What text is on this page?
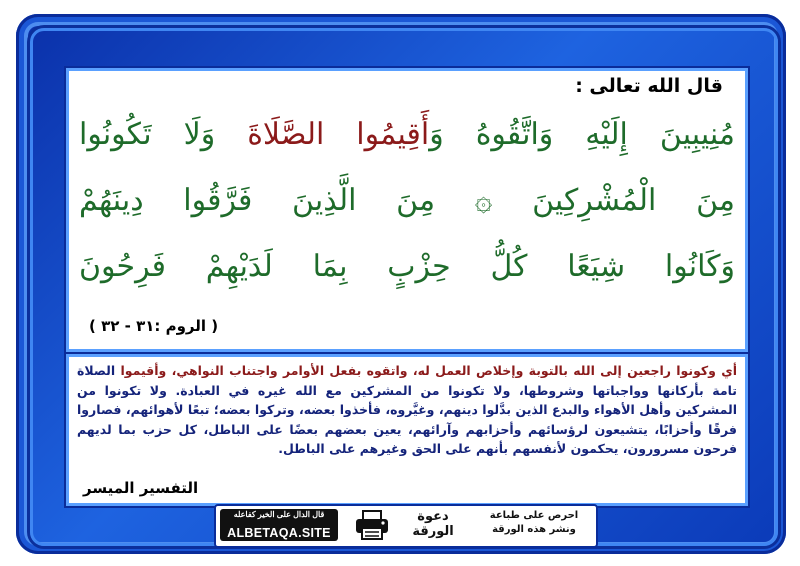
قال الله تعالى :
مُنِيبِينَ إِلَيْهِ وَاتَّقُوهُ وَأَقِيمُوا الصَّلَاةَ وَلَا تَكُونُوا
مِنَ الْمُشْرِكِينَ ۞ مِنَ الَّذِينَ فَرَّقُوا دِينَهُمْ
وَكَانُوا شِيَعًا كُلُّ حِزْبٍ بِمَا لَدَيْهِمْ فَرِحُونَ
( الروم :٣١ - ٣٢ )
أي وكونوا راجعين إلى الله بالتوبة وإخلاص العمل له، واتقوه بفعل الأوامر واجتناب النواهي، وأقيموا الصلاة تامة بأركانها وواجباتها وشروطها، ولا تكونوا من المشركين مع الله غيره في العبادة. ولا تكونوا من المشركين وأهل الأهواء والبدع الذين بدَّلوا دينهم، وغيَّروه، فأخذوا بعضه، وتركوا بعضه؛ تبعًا لأهوائهم، فصاروا فرقًا وأحزابًا، يتشيعون لرؤسائهم وأحزابهم وآرائهم، يعين بعضهم بعضًا على الباطل، كل حزب بما لديهم فرحون مسرورون، يحكمون لأنفسهم بأنهم على الحق وغيرهم على الباطل.
التفسير الميسر
قال الدال على الخير كفاعله
ALBETAQA.SITE
دعوة
الورقة
احرص على طباعة
ونشر هذه الورقة
